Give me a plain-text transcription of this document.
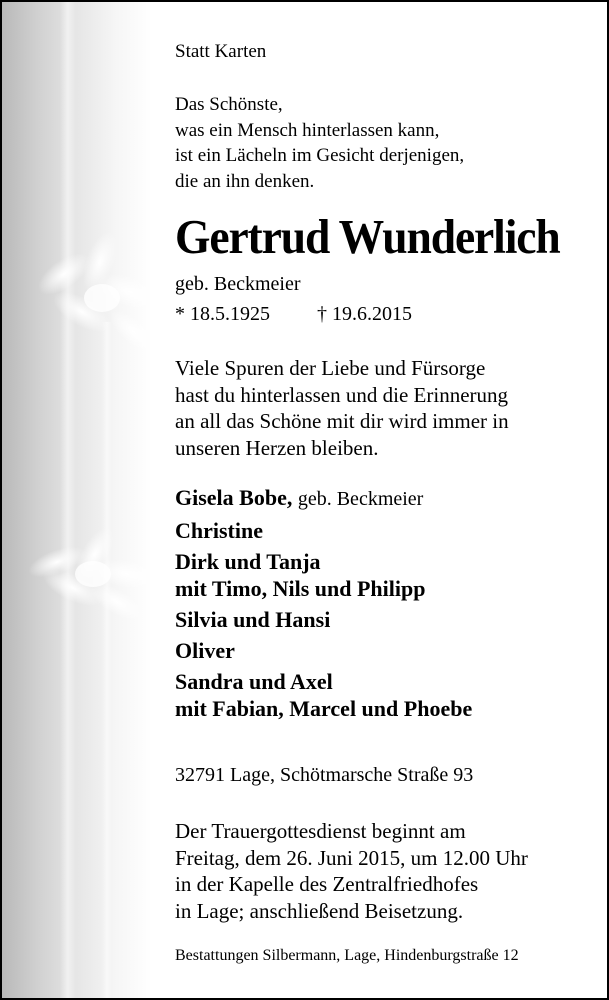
Statt Karten
Das Schönste,
was ein Mensch hinterlassen kann,
ist ein Lächeln im Gesicht derjenigen,
die an ihn denken.
Gertrud Wunderlich
geb. Beckmeier
* 18.5.1925 † 19.6.2015
Viele Spuren der Liebe und Fürsorge
hast du hinterlassen und die Erinnerung
an all das Schöne mit dir wird immer in
unseren Herzen bleiben.
Gisela Bobe, geb. Beckmeier
Christine
Dirk und Tanja
mit Timo, Nils und Philipp
Silvia und Hansi
Oliver
Sandra und Axel
mit Fabian, Marcel und Phoebe
32791 Lage, Schötmarsche Straße 93
Der Trauergottesdienst beginnt am
Freitag, dem 26. Juni 2015, um 12.00 Uhr
in der Kapelle des Zentralfriedhofes
in Lage; anschließend Beisetzung.
Bestattungen Silbermann, Lage, Hindenburgstraße 12
